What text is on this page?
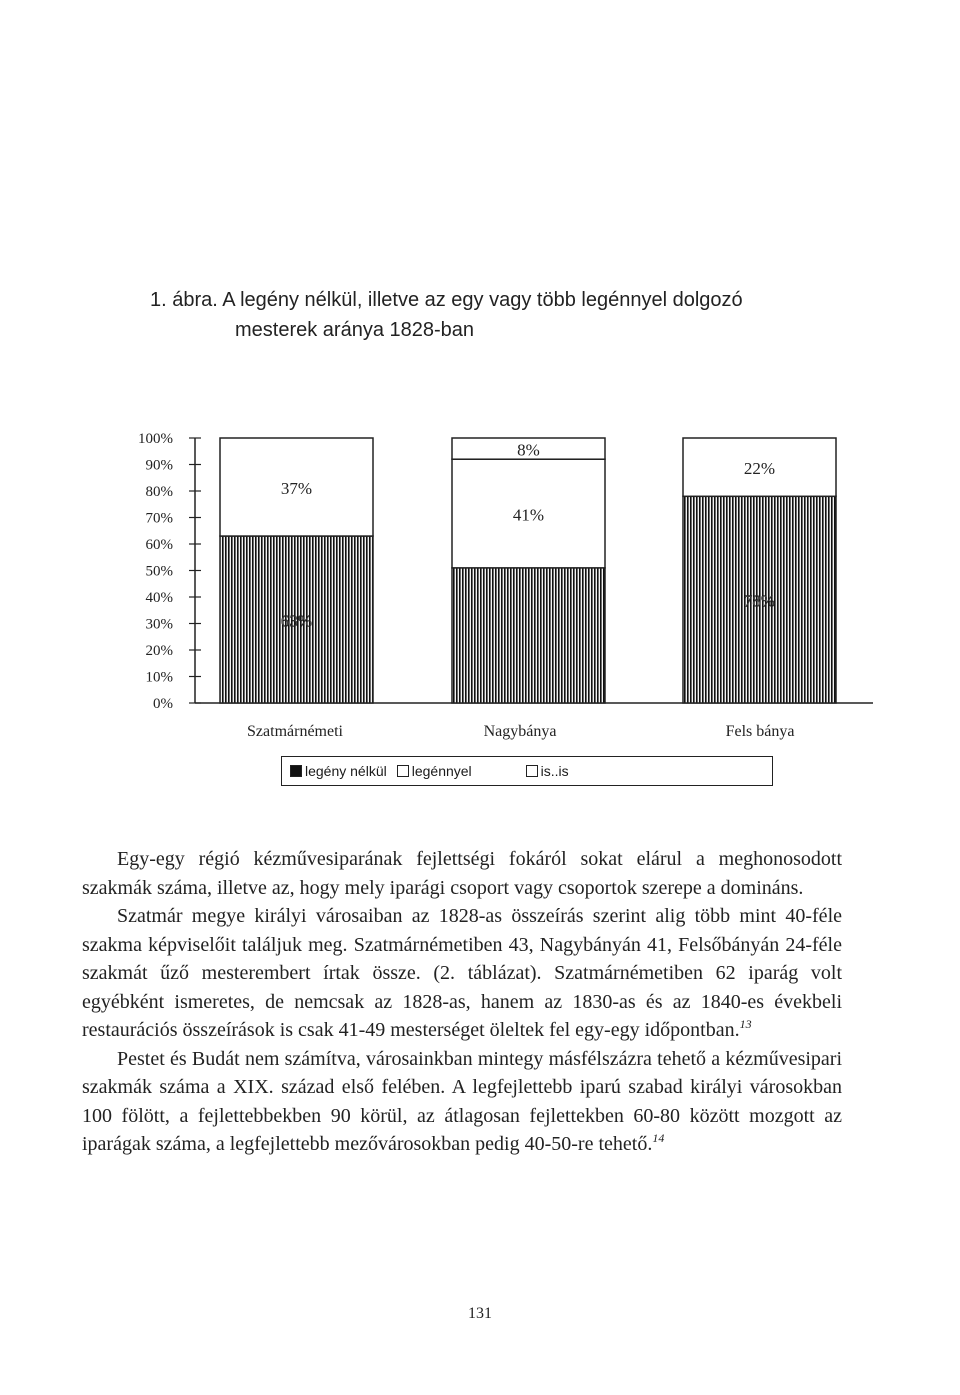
1. ábra. A legény nélkül, illetve az egy vagy több legénnyel dolgozó
mesterek aránya 1828-ban
0%
10%
20%
30%
40%
50%
60%
70%
80%
90%
100%
63%
37%
41%
8%
78%
22%
Szatmárnémeti	Nagybánya	Fels bánya
legény nélkül legénnyel	is..is

Egy-egy régió kézművesiparának fejlettségi fokáról sokat elárul a meghonosodott szakmák száma, illetve az, hogy mely iparági csoport vagy csoportok szerepe a domináns.

Szatmár megye királyi városaiban az 1828-as összeírás szerint alig több mint 40-féle szakma képviselőit találjuk meg. Szatmárnémetiben 43, Nagybányán 41, Felsőbányán 24-féle szakmát űző mesterembert írtak össze. (2. táblázat). Szatmárnémetiben 62 iparág volt egyébként ismeretes, de nemcsak az 1828-as, hanem az 1830-as és az 1840-es évekbeli restaurációs összeírások is csak 41-49 mesterséget öleltek fel egy-egy időpontban.$^{13}$

Pestet és Budát nem számítva, városainkban mintegy másfélszázra tehető a kézművesipari szakmák száma a XIX. század első felében. A legfejlettebb iparú szabad királyi városokban 100 fölött, a fejlettebbekben 90 körül, az átlagosan fejlettekben 60-80 között mozgott az iparágak száma, a legfejlettebb mezővárosokban pedig 40-50-re tehető.$^{14}$

131
